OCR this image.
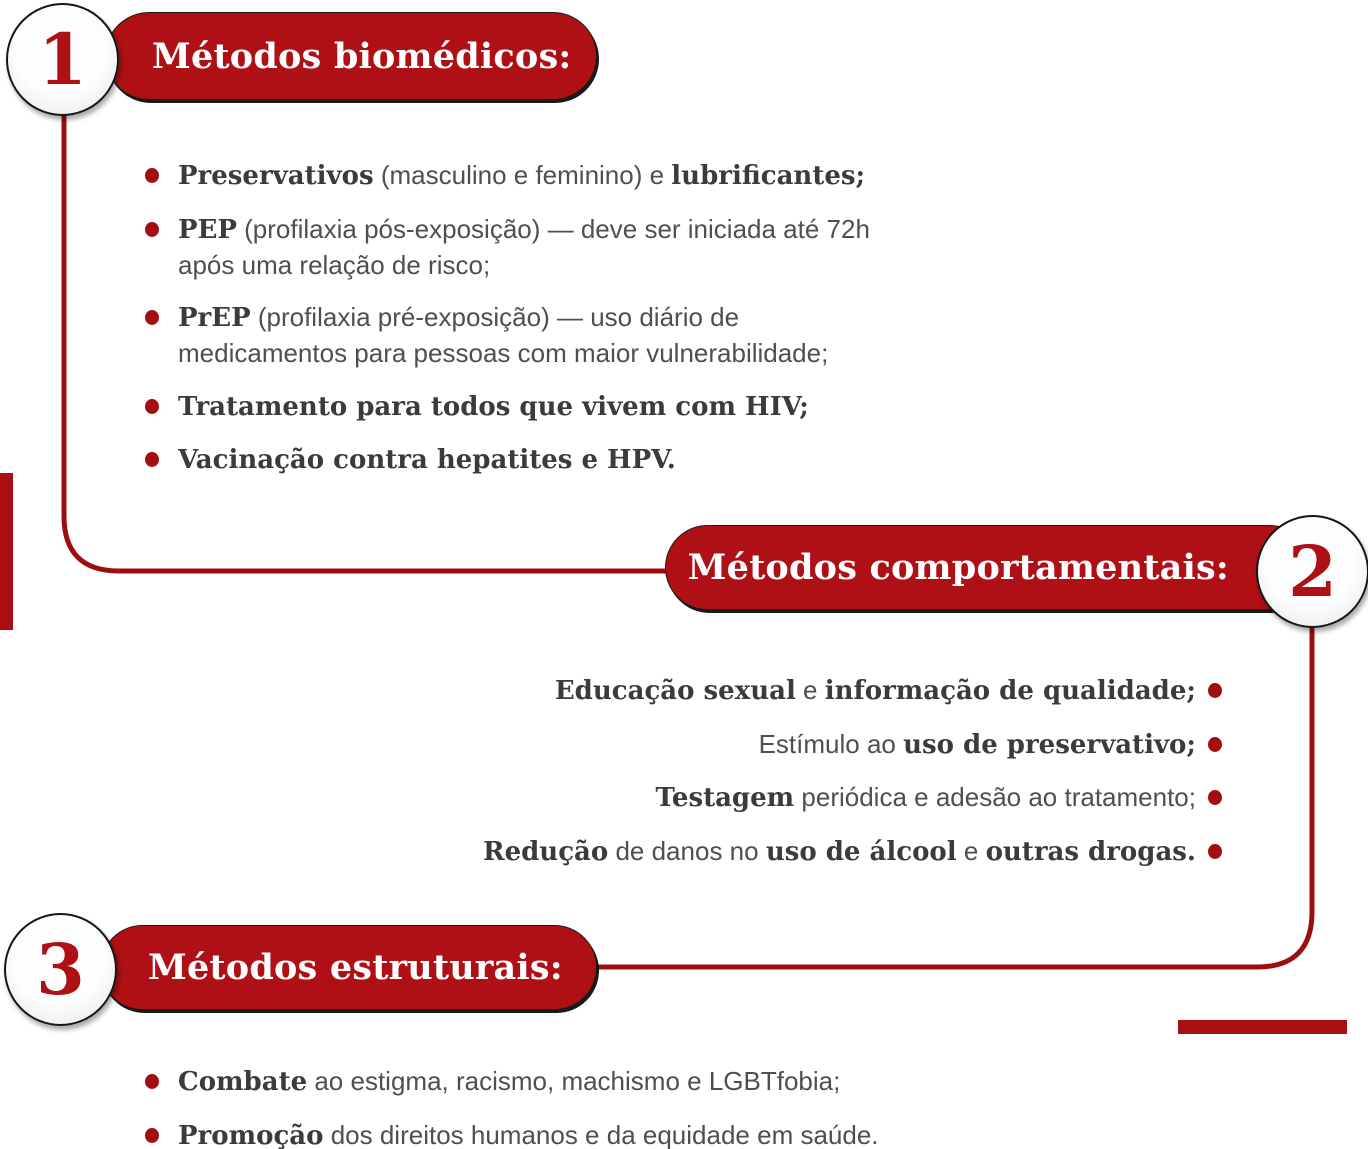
Métodos biomédicos:
Métodos comportamentais:
Métodos estruturais:
1
2
3
Preservativos (masculino e feminino) e lubrificantes;
PEP (profilaxia pós-exposição) — deve ser iniciada até 72h
após uma relação de risco;
PrEP (profilaxia pré-exposição) — uso diário de
medicamentos para pessoas com maior vulnerabilidade;
Tratamento para todos que vivem com HIV;
Vacinação contra hepatites e HPV.
Educação sexual e informação de qualidade;
Estímulo ao uso de preservativo;
Testagem periódica e adesão ao tratamento;
Redução de danos no uso de álcool e outras drogas.
Combate ao estigma, racismo, machismo e LGBTfobia;
Promoção dos direitos humanos e da equidade em saúde.
